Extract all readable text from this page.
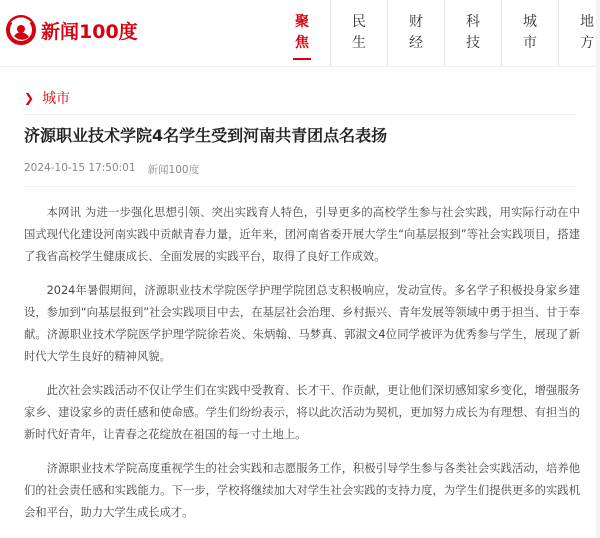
新闻100度	聚
焦
民
生
财
经
科
技
城
市
地
方
❯ 城市
济源职业技术学院4名学生受到河南共青团点名表扬
2024-10-15 17:50:01 新闻100度

本网讯 为进一步强化思想引领、突出实践育人特色，引导更多的高校学生参与社会实践，用实际行动在中国式现代化建设河南实践中贡献青春力量，近年来，团河南省委开展大学生“向基层报到”等社会实践项目，搭建了我省高校学生健康成长、全面发展的实践平台，取得了良好工作成效。

2024年暑假期间，济源职业技术学院医学护理学院团总支积极响应，发动宣传。多名学子积极投身家乡建设，参加到“向基层报到”社会实践项目中去，在基层社会治理、乡村振兴、青年发展等领域中勇于担当、甘于奉献。济源职业技术学院医学护理学院徐若炎、朱炳翰、马梦真、郭淑文4位同学被评为优秀参与学生，展现了新时代大学生良好的精神风貌。

此次社会实践活动不仅让学生们在实践中受教育、长才干、作贡献，更让他们深切感知家乡变化，增强服务家乡、建设家乡的责任感和使命感。学生们纷纷表示，将以此次活动为契机，更加努力成长为有理想、有担当的新时代好青年，让青春之花绽放在祖国的每一寸土地上。

济源职业技术学院高度重视学生的社会实践和志愿服务工作，积极引导学生参与各类社会实践活动，培养他们的社会责任感和实践能力。下一步，学校将继续加大对学生社会实践的支持力度，为学生们提供更多的实践机会和平台，助力大学生成长成才。
